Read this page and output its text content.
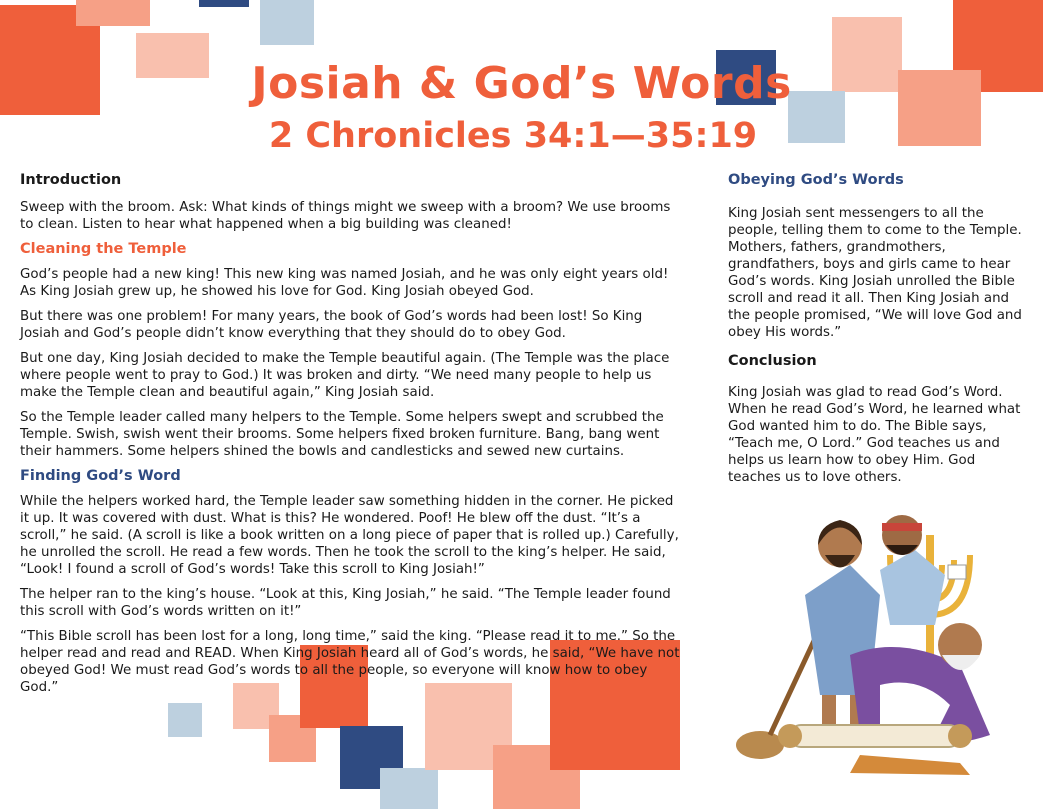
Josiah & God’s Words
2 Chronicles 34:1—35:19
Introduction

Sweep with the broom. Ask: What kinds of things might we sweep with a broom? We use brooms to clean. Listen to hear what happened when a big building was cleaned!

Cleaning the Temple

God’s people had a new king! This new king was named Josiah, and he was only eight years old! As King Josiah grew up, he showed his love for God. King Josiah obeyed God.

But there was one problem! For many years, the book of God’s words had been lost! So King Josiah and God’s people didn’t know everything that they should do to obey God.

But one day, King Josiah decided to make the Temple beautiful again. (The Temple was the place where people went to pray to God.) It was broken and dirty. “We need many people to help us make the Temple clean and beautiful again,” King Josiah said.

So the Temple leader called many helpers to the Temple. Some helpers swept and scrubbed the Temple. Swish, swish went their brooms. Some helpers fixed broken furniture. Bang, bang went their hammers. Some helpers shined the bowls and candlesticks and sewed new curtains.

Finding God’s Word

While the helpers worked hard, the Temple leader saw something hidden in the corner. He picked it up. It was covered with dust. What is this? He wondered. Poof! He blew off the dust. “It’s a scroll,” he said. (A scroll is like a book written on a long piece of paper that is rolled up.) Carefully, he unrolled the scroll. He read a few words. Then he took the scroll to the king’s helper. He said, “Look! I found a scroll of God’s words! Take this scroll to King Josiah!”

The helper ran to the king’s house. “Look at this, King Josiah,” he said. “The Temple leader found this scroll with God’s words written on it!”

“This Bible scroll has been lost for a long, long time,” said the king. “Please read it to me.” So the helper read and read and READ. When King Josiah heard all of God’s words, he said, “We have not obeyed God! We must read God’s words to all the people, so everyone will know how to obey God.”

Obeying God’s Words

King Josiah sent messengers to all the people, telling them to come to the Temple. Mothers, fathers, grandmothers, grandfathers, boys and girls came to hear God’s words. King Josiah unrolled the Bible scroll and read it all. Then King Josiah and the people promised, “We will love God and obey His words.”

Conclusion

King Josiah was glad to read God’s Word. When he read God’s Word, he learned what God wanted him to do. The Bible says, “Teach me, O Lord.” God teaches us and helps us learn how to obey Him. God teaches us to love others.
